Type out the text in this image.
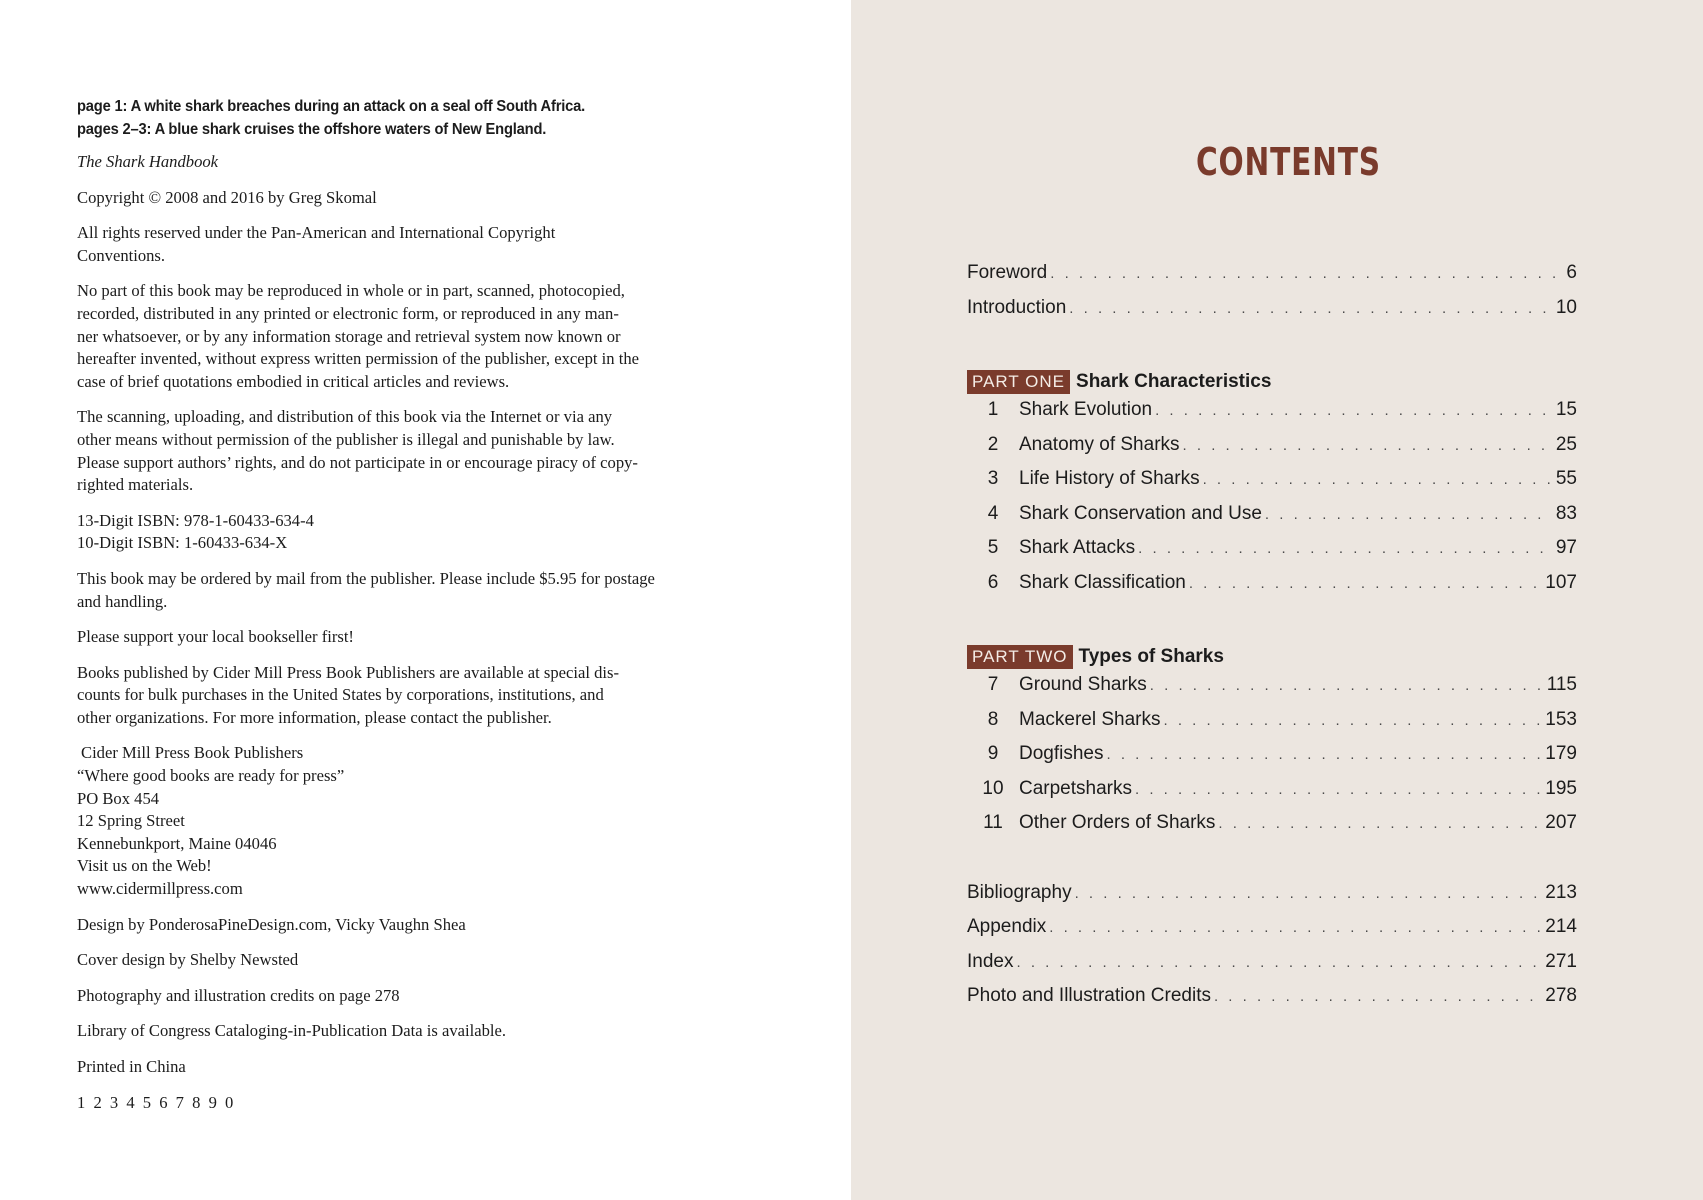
page 1: A white shark breaches during an attack on a seal off South Africa.
pages 2–3: A blue shark cruises the offshore waters of New England.
The Shark Handbook
Copyright © 2008 and 2016 by Greg Skomal
All rights reserved under the Pan-American and International Copyright
Conventions.
No part of this book may be reproduced in whole or in part, scanned, photocopied,
recorded, distributed in any printed or electronic form, or reproduced in any man-
ner whatsoever, or by any information storage and retrieval system now known or
hereafter invented, without express written permission of the publisher, except in the
case of brief quotations embodied in critical articles and reviews.
The scanning, uploading, and distribution of this book via the Internet or via any
other means without permission of the publisher is illegal and punishable by law.
Please support authors’ rights, and do not participate in or encourage piracy of copy-
righted materials.
13-Digit ISBN: 978-1-60433-634-4
10-Digit ISBN: 1-60433-634-X
This book may be ordered by mail from the publisher. Please include $5.95 for postage
and handling.
Please support your local bookseller first!
Books published by Cider Mill Press Book Publishers are available at special dis-
counts for bulk purchases in the United States by corporations, institutions, and
other organizations. For more information, please contact the publisher.
Cider Mill Press Book Publishers
“Where good books are ready for press”
PO Box 454
12 Spring Street
Kennebunkport, Maine 04046
Visit us on the Web!
www.cidermillpress.com
Design by PonderosaPineDesign.com, Vicky Vaughn Shea
Cover design by Shelby Newsted
Photography and illustration credits on page 278
Library of Congress Cataloging-in-Publication Data is available.
Printed in China
1 2 3 4 5 6 7 8 9 0
CONTENTS
Foreword . . .	6
Introduction . . .	10
PART ONE Shark Characteristics
1	Shark Evolution . . .	15
2	Anatomy of Sharks . . .	25
3	Life History of Sharks . . .	55
4	Shark Conservation and Use . . .	83
5	Shark Attacks . . .	97
6	Shark Classification . . .	107
PART TWO Types of Sharks
7	Ground Sharks . . .	115
8	Mackerel Sharks . . .	153
9	Dogfishes . . .	179
10 Carpetsharks . . .	195
11 Other Orders of Sharks . . .	207
Bibliography . . .	213
Appendix . . .	214
Index . . .	271
Photo and Illustration Credits . . .	278
